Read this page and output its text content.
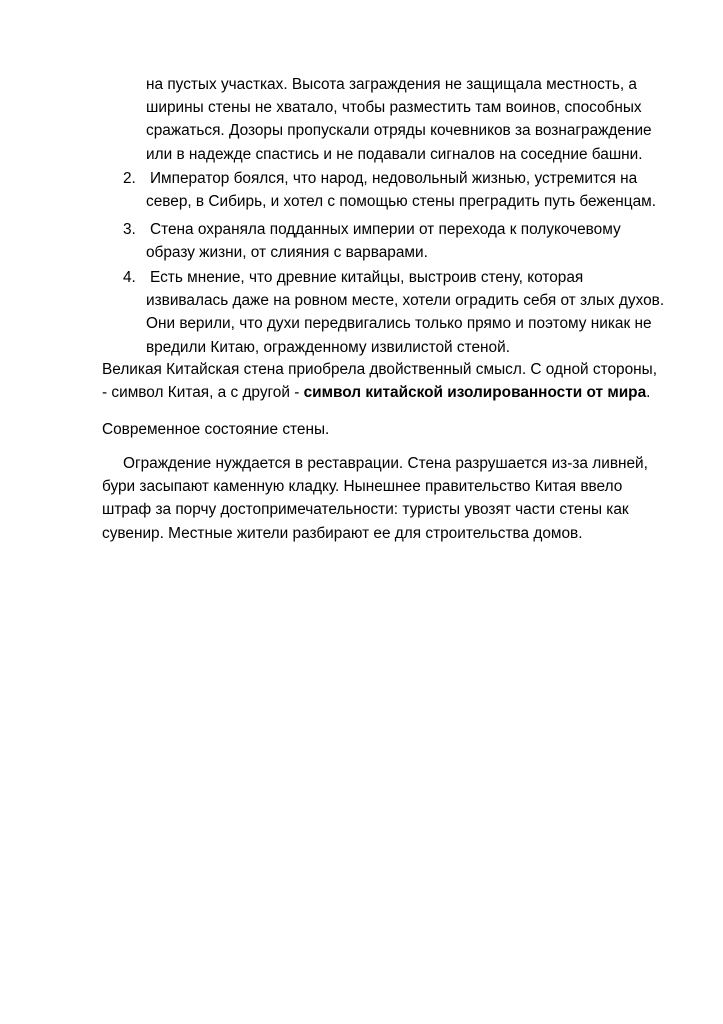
на пустых участках. Высота заграждения не защищала местность, а
ширины стены не хватало, чтобы разместить там воинов, способных
сражаться. Дозоры пропускали отряды кочевников за вознаграждение
или в надежде спастись и не подавали сигналов на соседние башни.
2. Император боялся, что народ, недовольный жизнью, устремится на
север, в Сибирь, и хотел с помощью стены преградить путь беженцам.
3. Стена охраняла подданных империи от перехода к полукочевому
образу жизни, от слияния с варварами.
4. Есть мнение, что древние китайцы, выстроив стену, которая
извивалась даже на ровном месте, хотели оградить себя от злых духов.
Они верили, что духи передвигались только прямо и поэтому никак не
вредили Китаю, огражденному извилистой стеной.
Великая Китайская стена приобрела двойственный смысл. С одной стороны,
- символ Китая, а с другой - символ китайской изолированности от мира.
Современное состояние стены.
Ограждение нуждается в реставрации. Стена разрушается из-за ливней,
бури засыпают каменную кладку. Нынешнее правительство Китая ввело
штраф за порчу достопримечательности: туристы увозят части стены как
сувенир. Местные жители разбирают ее для строительства домов.
